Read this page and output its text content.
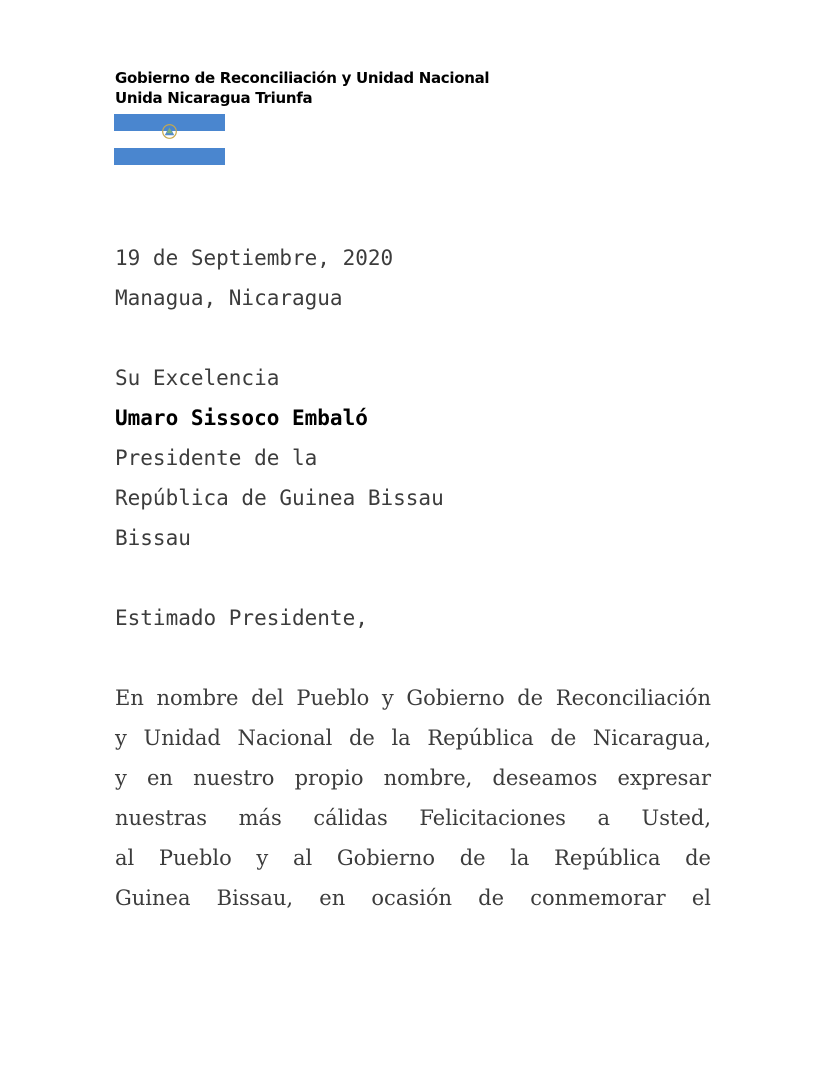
Gobierno de Reconciliación y Unidad Nacional
Unida Nicaragua Triunfa
19 de Septiembre, 2020
Managua, Nicaragua
Su Excelencia
Umaro Sissoco Embaló
Presidente de la
República de Guinea Bissau
Bissau
Estimado Presidente,
En nombre del Pueblo y Gobierno de Reconciliación
y Unidad Nacional de la República de Nicaragua,
y en nuestro propio nombre, deseamos expresar
nuestras más cálidas Felicitaciones a Usted,
al Pueblo y al Gobierno de la República de
Guinea Bissau, en ocasión de conmemorar el
